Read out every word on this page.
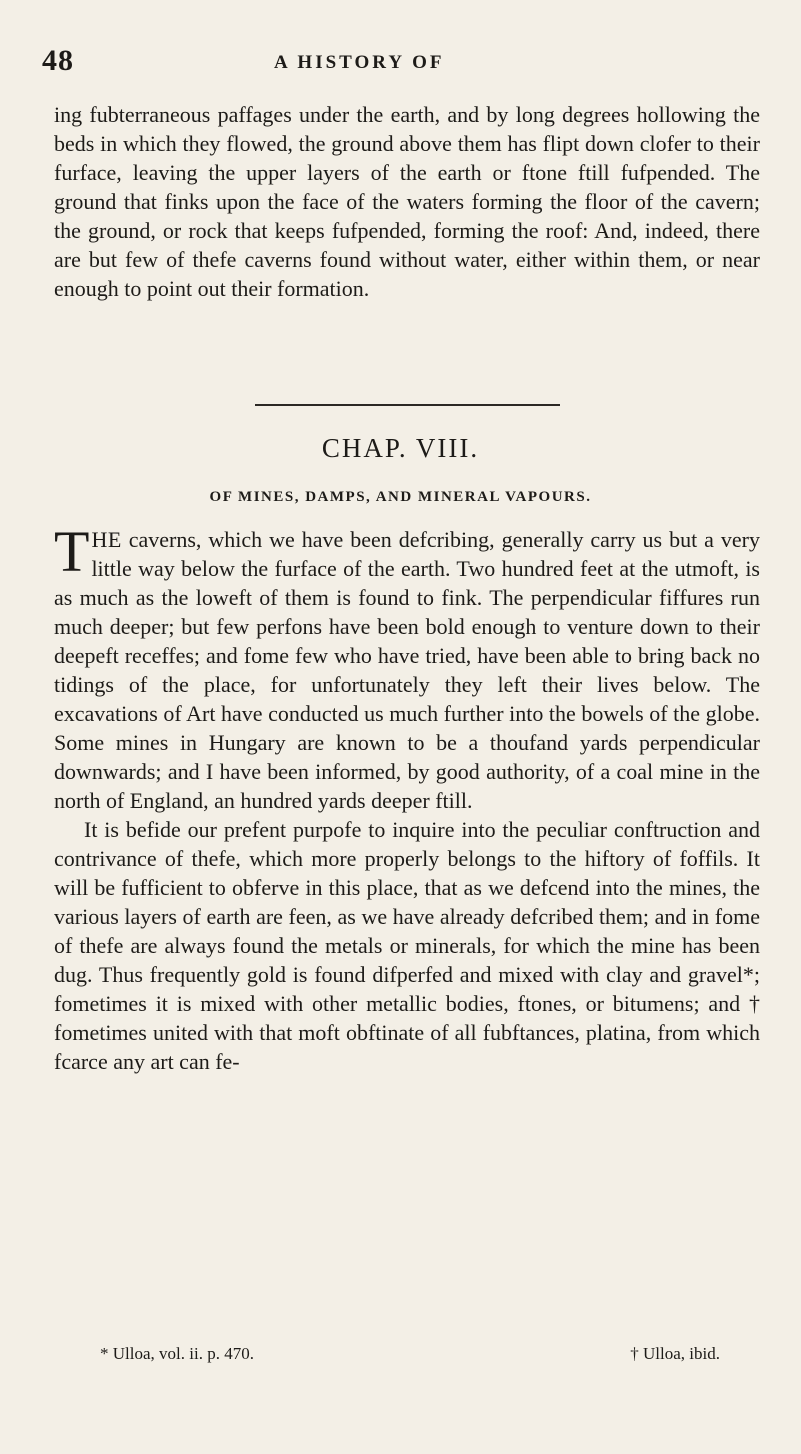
48	A HISTORY OF

ing fubterraneous paffages under the earth, and by long degrees hollowing the beds in which they flowed, the ground above them has flipt down clofer to their furface, leaving the upper layers of the earth or ftone ftill fufpended. The ground that finks upon the face of the waters forming the floor of the cavern; the ground, or rock that keeps fufpended, forming the roof: And, indeed, there are but few of thefe caverns found without water, either within them, or near enough to point out their formation.

CHAP. VIII.
OF MINES, DAMPS, AND MINERAL VAPOURS.

THE caverns, which we have been defcribing, generally carry us but a very little way below the furface of the earth. Two hundred feet at the utmoft, is as much as the loweft of them is found to fink. The perpendicular fiffures run much deeper; but few perfons have been bold enough to venture down to their deepeft receffes; and fome few who have tried, have been able to bring back no tidings of the place, for unfortunately they left their lives below. The excavations of Art have conducted us much further into the bowels of the globe. Some mines in Hungary are known to be a thoufand yards perpendicular downwards; and I have been informed, by good authority, of a coal mine in the north of England, an hundred yards deeper ftill.

It is befide our prefent purpofe to inquire into the peculiar conftruction and contrivance of thefe, which more properly belongs to the hiftory of foffils. It will be fufficient to obferve in this place, that as we defcend into the mines, the various layers of earth are feen, as we have already defcribed them; and in fome of thefe are always found the metals or minerals, for which the mine has been dug. Thus frequently gold is found difperfed and mixed with clay and gravel*; fometimes it is mixed with other metallic bodies, ftones, or bitumens; and † fometimes united with that moft obftinate of all fubftances, platina, from which fcarce any art can fe-

* Ulloa, vol. ii. p. 470.	† Ulloa, ibid.
